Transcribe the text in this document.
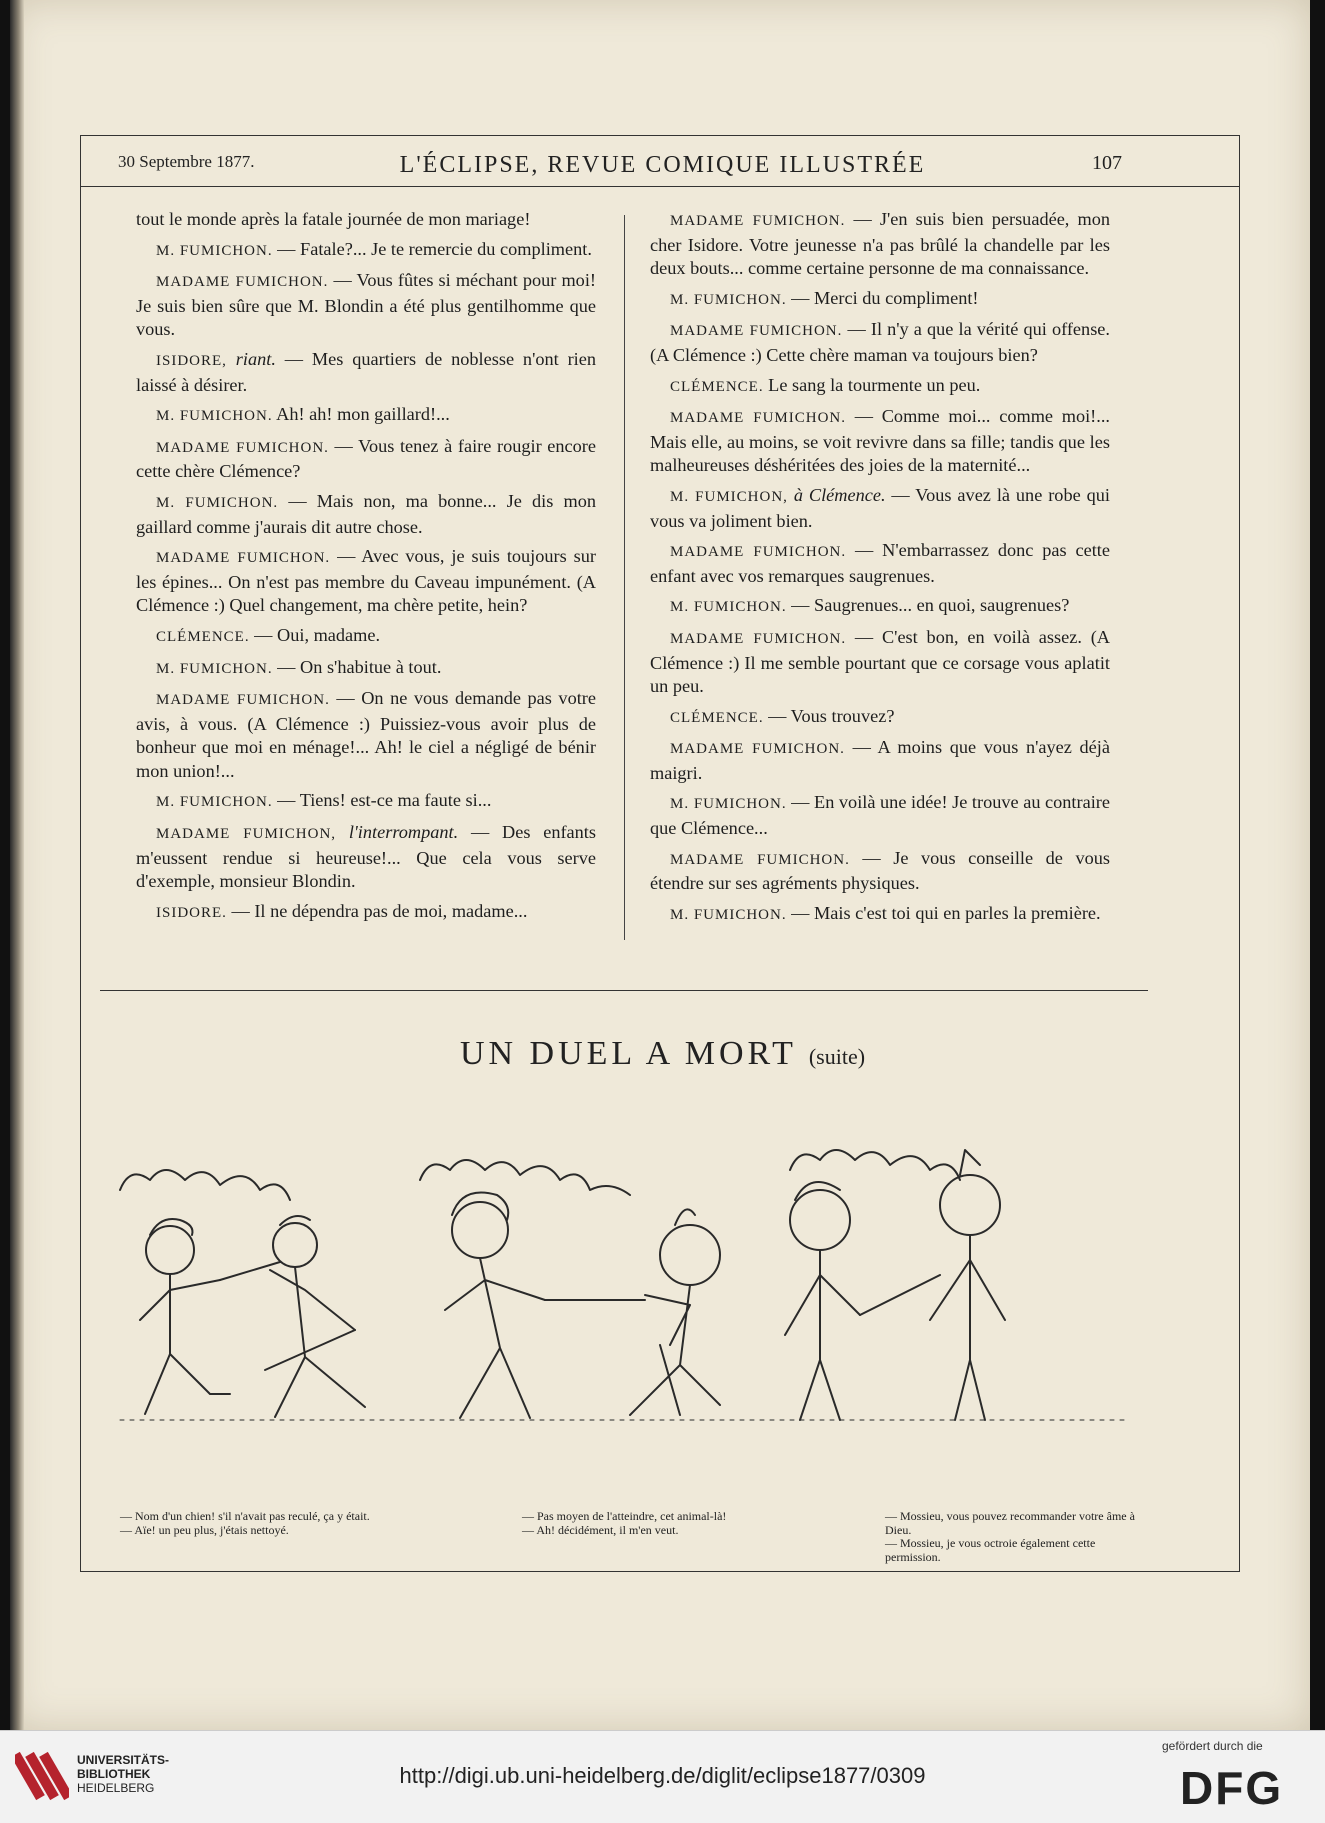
30 Septembre 1877.	L'ÉCLIPSE, REVUE COMIQUE ILLUSTRÉE	107

tout le monde après la fatale journée de mon mariage!

M. FUMICHON. — Fatale?... Je te remercie du compliment.

MADAME FUMICHON. — Vous fûtes si méchant pour moi! Je suis bien sûre que M. Blondin a été plus gentilhomme que vous.

ISIDORE, riant. — Mes quartiers de noblesse n'ont rien laissé à désirer.

M. FUMICHON. Ah! ah! mon gaillard!...

MADAME FUMICHON. — Vous tenez à faire rougir encore cette chère Clémence?

M. FUMICHON. — Mais non, ma bonne... Je dis mon gaillard comme j'aurais dit autre chose.

MADAME FUMICHON. — Avec vous, je suis toujours sur les épines... On n'est pas membre du Caveau impunément. (A Clémence :) Quel changement, ma chère petite, hein?

CLÉMENCE. — Oui, madame.

M. FUMICHON. — On s'habitue à tout.

MADAME FUMICHON. — On ne vous demande pas votre avis, à vous. (A Clémence :) Puissiez-vous avoir plus de bonheur que moi en ménage!... Ah! le ciel a négligé de bénir mon union!...

M. FUMICHON. — Tiens! est-ce ma faute si...

MADAME FUMICHON, l'interrompant. — Des enfants m'eussent rendue si heureuse!... Que cela vous serve d'exemple, monsieur Blondin.

ISIDORE. — Il ne dépendra pas de moi, madame...

MADAME FUMICHON. — J'en suis bien persuadée, mon cher Isidore. Votre jeunesse n'a pas brûlé la chandelle par les deux bouts... comme certaine personne de ma connaissance.

M. FUMICHON. — Merci du compliment!

MADAME FUMICHON. — Il n'y a que la vérité qui offense. (A Clémence :) Cette chère maman va toujours bien?

CLÉMENCE. Le sang la tourmente un peu.

MADAME FUMICHON. — Comme moi... comme moi!... Mais elle, au moins, se voit revivre dans sa fille; tandis que les malheureuses déshéritées des joies de la maternité...

M. FUMICHON, à Clémence. — Vous avez là une robe qui vous va joliment bien.

MADAME FUMICHON. — N'embarrassez donc pas cette enfant avec vos remarques saugrenues.

M. FUMICHON. — Saugrenues... en quoi, saugrenues?

MADAME FUMICHON. — C'est bon, en voilà assez. (A Clémence :) Il me semble pourtant que ce corsage vous aplatit un peu.

CLÉMENCE. — Vous trouvez?

MADAME FUMICHON. — A moins que vous n'ayez déjà maigri.

M. FUMICHON. — En voilà une idée! Je trouve au contraire que Clémence...

MADAME FUMICHON. — Je vous conseille de vous étendre sur ses agréments physiques.

M. FUMICHON. — Mais c'est toi qui en parles la première.

UN DUEL A MORT (suite)
— Nom d'un chien! s'il n'avait pas reculé, ça y était.
— Aïe! un peu plus, j'étais nettoyé.
— Pas moyen de l'atteindre, cet animal-là!
— Ah! décidément, il m'en veut.
— Mossieu, vous pouvez recommander votre âme à Dieu.
— Mossieu, je vous octroie également cette permission.
UNIVERSITÄTS-
BIBLIOTHEK
HEIDELBERG	http://digi.ub.uni-heidelberg.de/diglit/eclipse1877/0309
gefördert durch die
DFG
